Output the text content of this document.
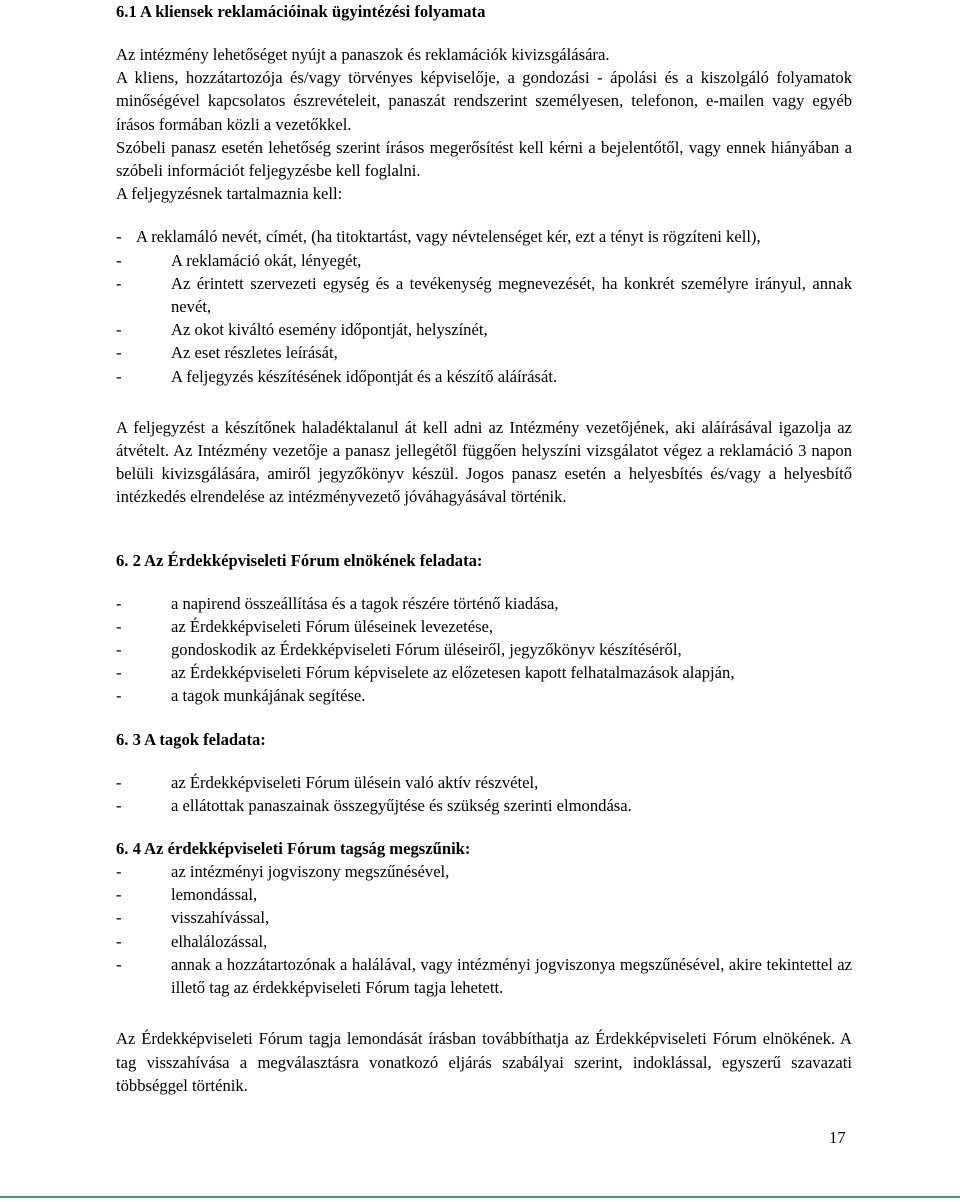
6.1 A kliensek reklamációinak ügyintézési folyamata

Az intézmény lehetőséget nyújt a panaszok és reklamációk kivizsgálására.

A kliens, hozzátartozója és/vagy törvényes képviselője, a gondozási - ápolási és a kiszolgáló folyamatok minőségével kapcsolatos észrevételeit, panaszát rendszerint személyesen, telefonon, e-mailen vagy egyéb írásos formában közli a vezetőkkel.

Szóbeli panasz esetén lehetőség szerint írásos megerősítést kell kérni a bejelentőtől, vagy ennek hiányában a szóbeli információt feljegyzésbe kell foglalni.

A feljegyzésnek tartalmaznia kell:

- A reklamáló nevét, címét, (ha titoktartást, vagy névtelenséget kér, ezt a tényt is rögzíteni kell),
-	A reklamáció okát, lényegét,
-	Az érintett szervezeti egység és a tevékenység megnevezését, ha konkrét személyre irányul, annak nevét,
-	Az okot kiváltó esemény időpontját, helyszínét,
-	Az eset részletes leírását,
-	A feljegyzés készítésének időpontját és a készítő aláírását.

A feljegyzést a készítőnek haladéktalanul át kell adni az Intézmény vezetőjének, aki aláírásával igazolja az átvételt. Az Intézmény vezetője a panasz jellegétől függően helyszíni vizsgálatot végez a reklamáció 3 napon belüli kivizsgálására, amiről jegyzőkönyv készül. Jogos panasz esetén a helyesbítés és/vagy a helyesbítő intézkedés elrendelése az intézményvezető jóváhagyásával történik.

6. 2 Az Érdekképviseleti Fórum elnökének feladata:
-	a napirend összeállítása és a tagok részére történő kiadása,
-	az Érdekképviseleti Fórum üléseinek levezetése,
-	gondoskodik az Érdekképviseleti Fórum üléseiről, jegyzőkönyv készítéséről,
-	az Érdekképviseleti Fórum képviselete az előzetesen kapott felhatalmazások alapján,
-	a tagok munkájának segítése.
6. 3 A tagok feladata:
-	az Érdekképviseleti Fórum ülésein való aktív részvétel,
-	a ellátottak panaszainak összegyűjtése és szükség szerinti elmondása.
6. 4 Az érdekképviseleti Fórum tagság megszűnik:
-	az intézményi jogviszony megszűnésével,
-	lemondással,
-	visszahívással,
-	elhalálozással,
-	annak a hozzátartozónak a halálával, vagy intézményi jogviszonya megszűnésével, akire tekintettel az illető tag az érdekképviseleti Fórum tagja lehetett.

Az Érdekképviseleti Fórum tagja lemondását írásban továbbíthatja az Érdekképviseleti Fórum elnökének. A tag visszahívása a megválasztásra vonatkozó eljárás szabályai szerint, indoklással, egyszerű szavazati többséggel történik.

17
